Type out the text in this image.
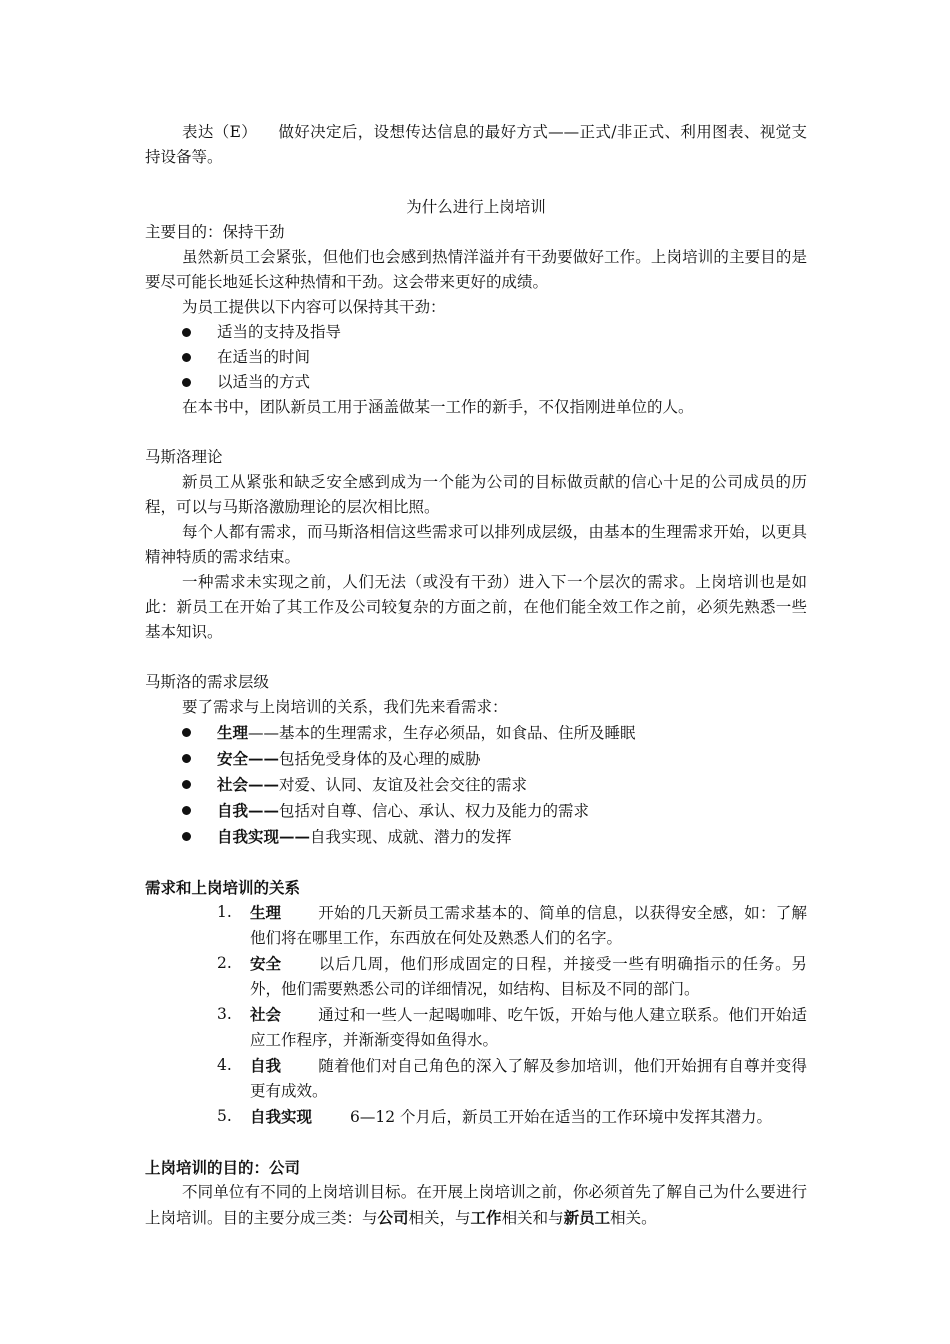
表达（E） 做好决定后，设想传达信息的最好方式——正式/非正式、利用图表、视觉支持设备等。

为什么进行上岗培训

主要目的：保持干劲

虽然新员工会紧张，但他们也会感到热情洋溢并有干劲要做好工作。上岗培训的主要目的是要尽可能长地延长这种热情和干劲。这会带来更好的成绩。

为员工提供以下内容可以保持其干劲：

适当的支持及指导
在适当的时间
以适当的方式

在本书中，团队新员工用于涵盖做某一工作的新手，不仅指刚进单位的人。

马斯洛理论

新员工从紧张和缺乏安全感到成为一个能为公司的目标做贡献的信心十足的公司成员的历程，可以与马斯洛激励理论的层次相比照。

每个人都有需求，而马斯洛相信这些需求可以排列成层级，由基本的生理需求开始，以更具精神特质的需求结束。

一种需求未实现之前，人们无法（或没有干劲）进入下一个层次的需求。上岗培训也是如此：新员工在开始了其工作及公司较复杂的方面之前，在他们能全效工作之前，必须先熟悉一些基本知识。

马斯洛的需求层级

要了需求与上岗培训的关系，我们先来看需求：

生理——基本的生理需求，生存必须品，如食品、住所及睡眠
安全——包括免受身体的及心理的威胁
社会——对爱、认同、友谊及社会交往的需求
自我——包括对自尊、信心、承认、权力及能力的需求
自我实现——自我实现、成就、潜力的发挥

需求和上岗培训的关系

1. 生理 开始的几天新员工需求基本的、简单的信息，以获得安全感，如：了解他们将在哪里工作，东西放在何处及熟悉人们的名字。
2. 安全 以后几周，他们形成固定的日程，并接受一些有明确指示的任务。另外，他们需要熟悉公司的详细情况，如结构、目标及不同的部门。
3. 社会 通过和一些人一起喝咖啡、吃午饭，开始与他人建立联系。他们开始适应工作程序，并渐渐变得如鱼得水。
4. 自我 随着他们对自己角色的深入了解及参加培训，他们开始拥有自尊并变得更有成效。
5. 自我实现 6—12 个月后，新员工开始在适当的工作环境中发挥其潜力。

上岗培训的目的：公司

不同单位有不同的上岗培训目标。在开展上岗培训之前，你必须首先了解自己为什么要进行上岗培训。目的主要分成三类：与公司相关，与工作相关和与新员工相关。
